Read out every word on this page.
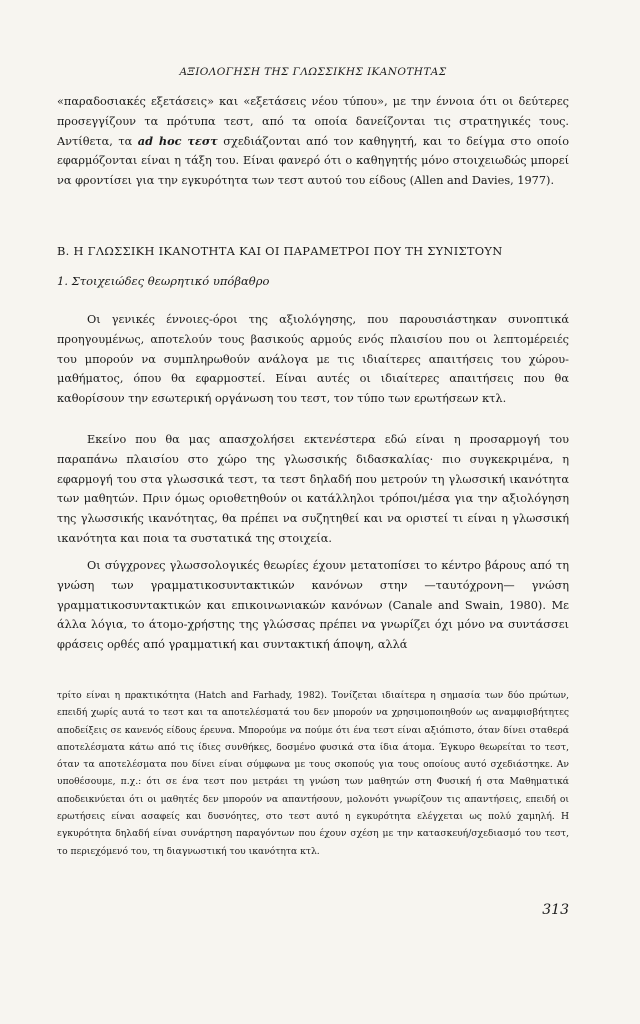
ΑΞΙΟΛΟΓΗΣΗ ΤΗΣ ΓΛΩΣΣΙΚΗΣ ΙΚΑΝΟΤΗΤΑΣ

«παραδοσιακές εξετάσεις» και «εξετάσεις νέου τύπου», με την έννοια ότι οι δεύτερες προσεγγίζουν τα πρότυπα τεστ, από τα οποία δανείζονται τις στρατηγικές τους. Αντίθετα, τα ad hoc τεστ σχεδιάζονται από τον καθηγητή, και το δείγμα στο οποίο εφαρμόζονται είναι η τάξη του. Είναι φανερό ότι ο καθηγητής μόνο στοιχειωδώς μπορεί να φροντίσει για την εγκυρότητα των τεστ αυτού του είδους (Allen and Davies, 1977).

Β. Η ΓΛΩΣΣΙΚΗ ΙΚΑΝΟΤΗΤΑ ΚΑΙ ΟΙ ΠΑΡΑΜΕΤΡΟΙ ΠΟΥ ΤΗ ΣΥΝΙΣΤΟΥΝ
1. Στοιχειώδες θεωρητικό υπόβαθρο

Οι γενικές έννοιες-όροι της αξιολόγησης, που παρουσιάστηκαν συνοπτικά προηγουμένως, αποτελούν τους βασικούς αρμούς ενός πλαισίου που οι λεπτομέρειές του μπορούν να συμπληρωθούν ανάλογα με τις ιδιαίτερες απαιτήσεις του χώρου-μαθήματος, όπου θα εφαρμοστεί. Είναι αυτές οι ιδιαίτερες απαιτήσεις που θα καθορίσουν την εσωτερική οργάνωση του τεστ, τον τύπο των ερωτήσεων κτλ.

Εκείνο που θα μας απασχολήσει εκτενέστερα εδώ είναι η προσαρμογή του παραπάνω πλαισίου στο χώρο της γλωσσικής διδασκαλίας· πιο συγκεκριμένα, η εφαρμογή του στα γλωσσικά τεστ, τα τεστ δηλαδή που μετρούν τη γλωσσική ικανότητα των μαθητών. Πριν όμως οριοθετηθούν οι κατάλληλοι τρόποι/μέσα για την αξιολόγηση της γλωσσικής ικανότητας, θα πρέπει να συζητηθεί και να οριστεί τι είναι η γλωσσική ικανότητα και ποια τα συστατικά της στοιχεία.

Οι σύγχρονες γλωσσολογικές θεωρίες έχουν μετατοπίσει το κέντρο βάρους από τη γνώση των γραμματικοσυντακτικών κανόνων στην —ταυτόχρονη— γνώση γραμματικοσυντακτικών και επικοινωνιακών κανόνων (Canale and Swain, 1980). Με άλλα λόγια, το άτομο-χρήστης της γλώσσας πρέπει να γνωρίζει όχι μόνο να συντάσσει φράσεις ορθές από γραμματική και συντακτική άποψη, αλλά

τρίτο είναι η πρακτικότητα (Hatch and Farhady, 1982). Τονίζεται ιδιαίτερα η σημασία των δύο πρώτων, επειδή χωρίς αυτά το τεστ και τα αποτελέσματά του δεν μπορούν να χρησιμοποιηθούν ως αναμφισβήτητες αποδείξεις σε κανενός είδους έρευνα. Μπορούμε να πούμε ότι ένα τεστ είναι αξιόπιστο, όταν δίνει σταθερά αποτελέσματα κάτω από τις ίδιες συνθήκες, δοσμένο φυσικά στα ίδια άτομα. Έγκυρο θεωρείται το τεστ, όταν τα αποτελέσματα που δίνει είναι σύμφωνα με τους σκοπούς για τους οποίους αυτό σχεδιάστηκε. Αν υποθέσουμε, π.χ.: ότι σε ένα τεστ που μετράει τη γνώση των μαθητών στη Φυσική ή στα Μαθηματικά αποδεικνύεται ότι οι μαθητές δεν μπορούν να απαντήσουν, μολονότι γνωρίζουν τις απαντήσεις, επειδή οι ερωτήσεις είναι ασαφείς και δυσνόητες, στο τεστ αυτό η εγκυρότητα ελέγχεται ως πολύ χαμηλή. Η εγκυρότητα δηλαδή είναι συνάρτηση παραγόντων που έχουν σχέση με την κατασκευή/σχεδιασμό του τεστ, το περιεχόμενό του, τη διαγνωστική του ικανότητα κτλ.

313
